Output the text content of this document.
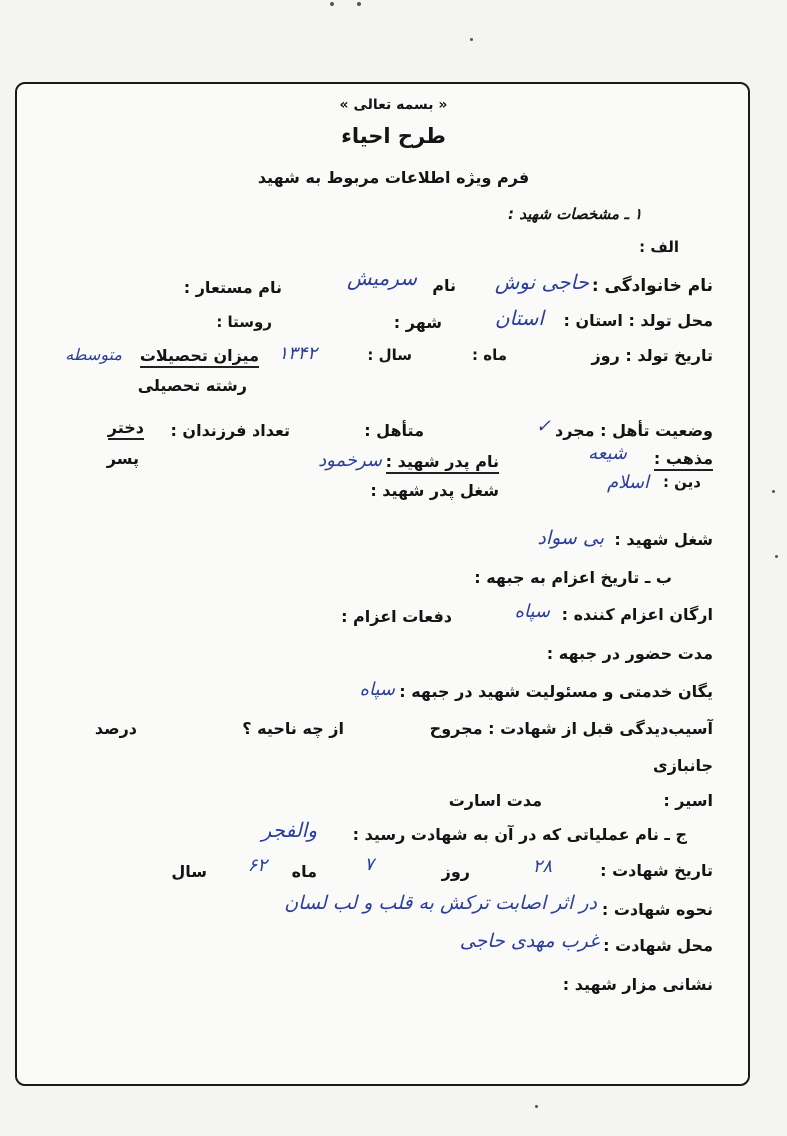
« بسمه تعالی »
طرح احیاء
فرم ویژه اطلاعات مربوط به شهید
۱ ـ مشخصات شهید :
الف :
نام خانوادگی :
حاجی نوش
نام
سرمیش
نام مستعار :
محل تولد : استان :
استان
شهر :
روستا :
تاریخ تولد : روز
ماه :
سال :
۱۳۴۲
میزان تحصیلات
متوسطه
رشته تحصیلی
وضعیت تأهل : مجرد
✓
متأهل :
تعداد فرزندان :
دختر
پسر	مذهب :
شیعه
دین :
اسلام
نام پدر شهید :
سرخمود
شغل پدر شهید :
شغل شهید :
بی سواد
ب ـ تاریخ اعزام به جبهه :
ارگان اعزام کننده :
سپاه
دفعات اعزام :
مدت حضور در جبهه :
یگان خدمتی و مسئولیت شهید در جبهه :
سپاه
آسیب‌دیدگی قبل از شهادت : مجروح
از چه ناحیه ؟
درصد
جانبازی
اسیر :
مدت اسارت
ج ـ نام عملیاتی که در آن به شهادت رسید :
والفجر
تاریخ شهادت :
۲۸
روز
۷
ماه
۶۲
سال
نحوه شهادت :
در اثر اصابت ترکش به قلب و لب لسان
محل شهادت :
غرب مهدی حاجی
نشانی مزار شهید :
